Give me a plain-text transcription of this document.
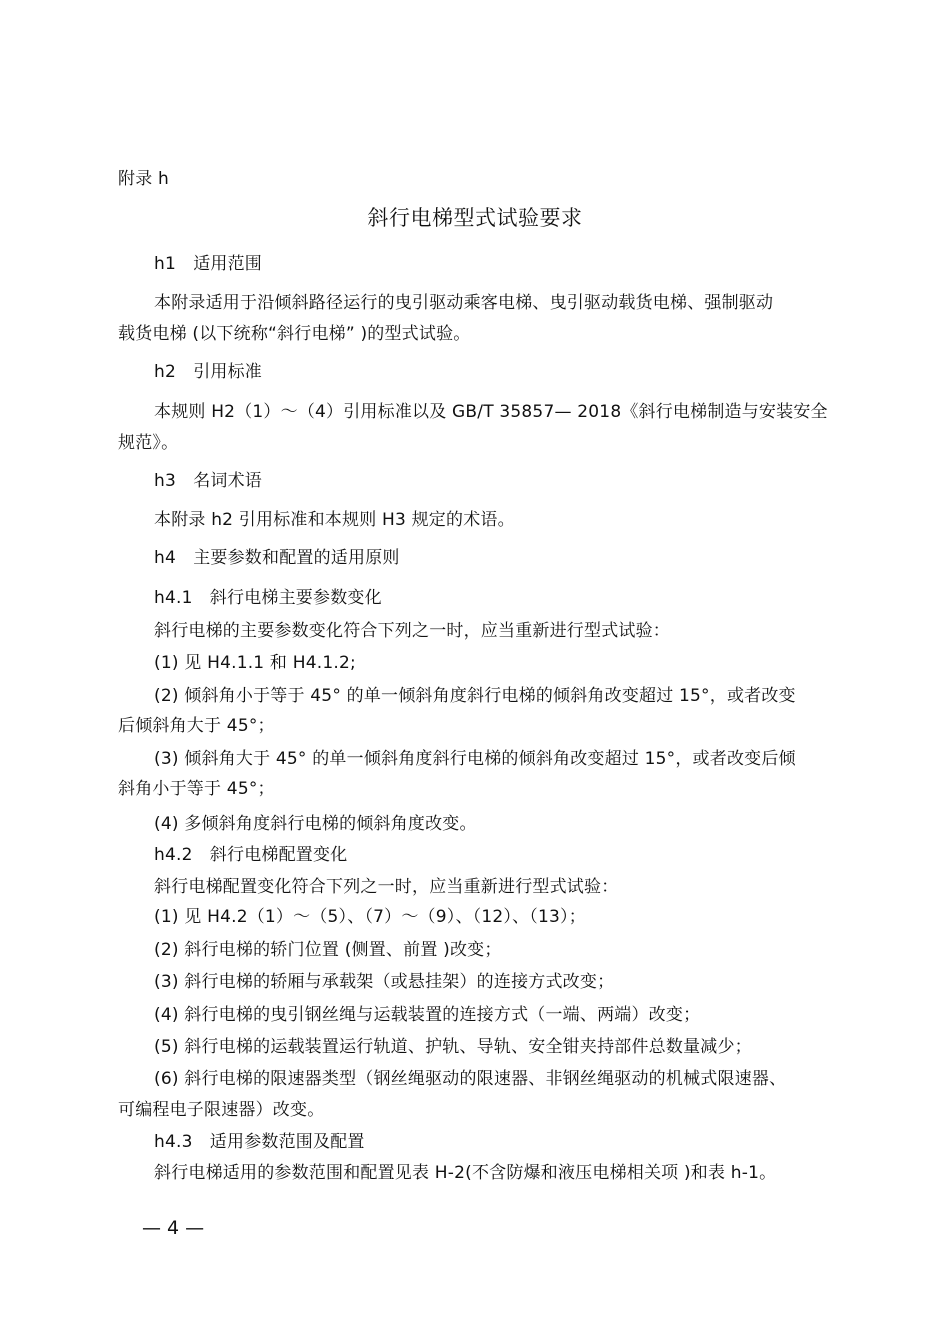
附录 h
斜行电梯型式试验要求
h1　适用范围
本附录适用于沿倾斜路径运行的曳引驱动乘客电梯、曳引驱动载货电梯、强制驱动
载货电梯 (以下统称“斜行电梯” )的型式试验。
h2　引用标准
本规则 H2（1）～（4）引用标准以及 GB/T 35857— 2018《斜行电梯制造与安装安全
规范》。
h3　名词术语
本附录 h2 引用标准和本规则 H3 规定的术语。
h4　主要参数和配置的适用原则
h4.1　斜行电梯主要参数变化
斜行电梯的主要参数变化符合下列之一时，应当重新进行型式试验：
(1) 见 H4.1.1 和 H4.1.2;
(2) 倾斜角小于等于 45° 的单一倾斜角度斜行电梯的倾斜角改变超过 15°，或者改变
后倾斜角大于 45°；
(3) 倾斜角大于 45° 的单一倾斜角度斜行电梯的倾斜角改变超过 15°，或者改变后倾
斜角小于等于 45°；
(4) 多倾斜角度斜行电梯的倾斜角度改变。
h4.2　斜行电梯配置变化
斜行电梯配置变化符合下列之一时，应当重新进行型式试验：
(1) 见 H4.2（1）～（5）、（7）～（9）、（12）、（13）；
(2) 斜行电梯的轿门位置 (侧置、前置 )改变；
(3) 斜行电梯的轿厢与承载架（或悬挂架）的连接方式改变；
(4) 斜行电梯的曳引钢丝绳与运载装置的连接方式（一端、两端）改变；
(5) 斜行电梯的运载装置运行轨道、护轨、导轨、安全钳夹持部件总数量减少；
(6) 斜行电梯的限速器类型（钢丝绳驱动的限速器、非钢丝绳驱动的机械式限速器、
可编程电子限速器）改变。
h4.3　适用参数范围及配置
斜行电梯适用的参数范围和配置见表 H-2(不含防爆和液压电梯相关项 )和表 h-1。
— 4 —
